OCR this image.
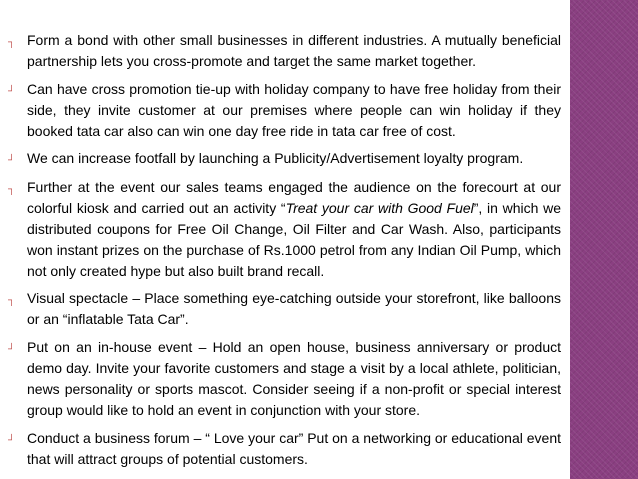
┐ Form a bond with other small businesses in different industries. A mutually beneficial partnership lets you cross-promote and target the same market together.

┘ Can have cross promotion tie-up with holiday company to have free holiday from their side, they invite customer at our premises where people can win holiday if they booked tata car also can win one day free ride in tata car free of cost.

┘ We can increase footfall by launching a Publicity/Advertisement loyalty program.

┐ Further at the event our sales teams engaged the audience on the forecourt at our colorful kiosk and carried out an activity “Treat your car with Good Fuel”, in which we distributed coupons for Free Oil Change, Oil Filter and Car Wash. Also, participants won instant prizes on the purchase of Rs.1000 petrol from any Indian Oil Pump, which not only created hype but also built brand recall.

┐ Visual spectacle – Place something eye-catching outside your storefront, like balloons or an “inflatable Tata Car”.

┘ Put on an in-house event – Hold an open house, business anniversary or product demo day. Invite your favorite customers and stage a visit by a local athlete, politician, news personality or sports mascot. Consider seeing if a non-profit or special interest group would like to hold an event in conjunction with your store.

┘ Conduct a business forum – “ Love your car” Put on a networking or educational event that will attract groups of potential customers.
